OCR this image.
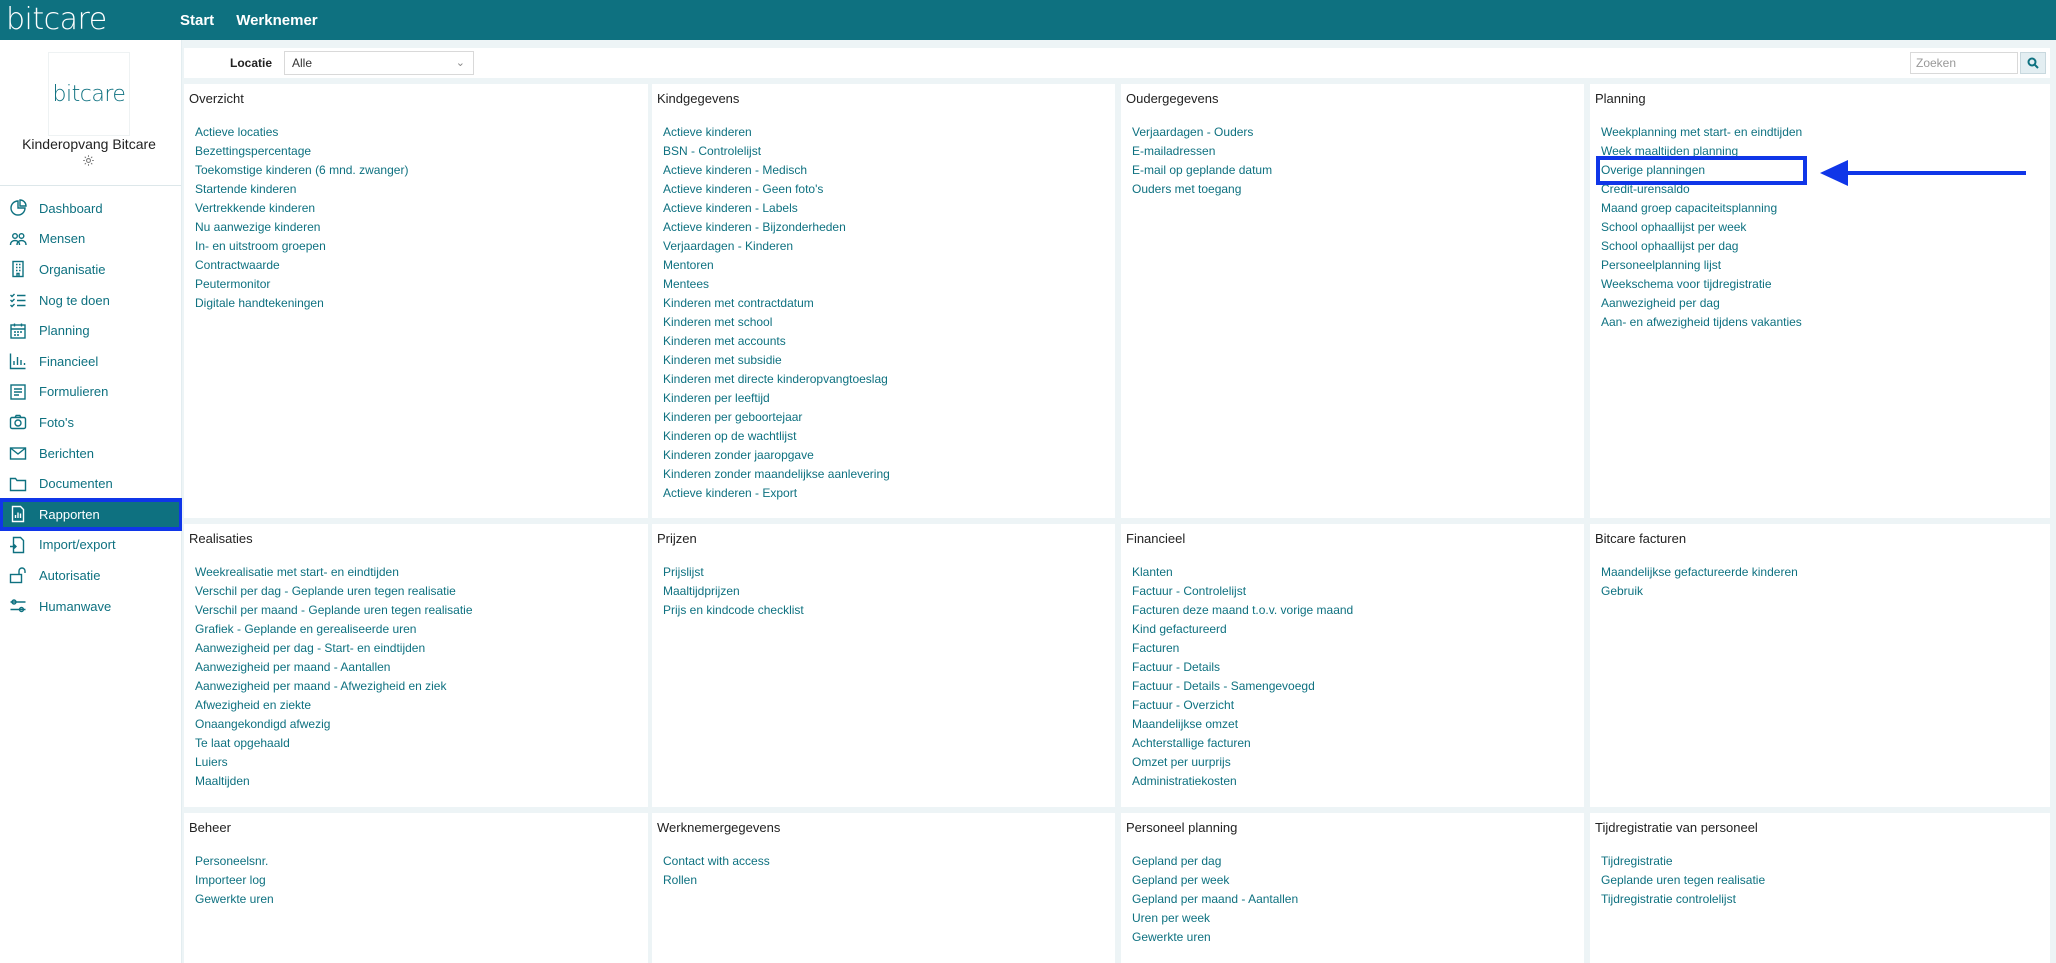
bitcare	Start Werknemer
bitcare
Kinderopvang Bitcare
Dashboard
Mensen
Organisatie
Nog te doen
Planning
Financieel
Formulieren
Foto's
Berichten
Documenten
Rapporten
Import/export
Autorisatie
Humanwave
Locatie	Alle	⌄	Zoeken
Overzicht
Actieve locaties
Bezettingspercentage
Toekomstige kinderen (6 mnd. zwanger)
Startende kinderen
Vertrekkende kinderen
Nu aanwezige kinderen
In- en uitstroom groepen
Contractwaarde
Peutermonitor
Digitale handtekeningen
Kindgegevens
Actieve kinderen
BSN - Controlelijst
Actieve kinderen - Medisch
Actieve kinderen - Geen foto's
Actieve kinderen - Labels
Actieve kinderen - Bijzonderheden
Verjaardagen - Kinderen
Mentoren
Mentees
Kinderen met contractdatum
Kinderen met school
Kinderen met accounts
Kinderen met subsidie
Kinderen met directe kinderopvangtoeslag
Kinderen per leeftijd
Kinderen per geboortejaar
Kinderen op de wachtlijst
Kinderen zonder jaaropgave
Kinderen zonder maandelijkse aanlevering
Actieve kinderen - Export
Oudergegevens
Verjaardagen - Ouders
E-mailadressen
E-mail op geplande datum
Ouders met toegang
Planning
Weekplanning met start- en eindtijden
Week maaltijden planning
Overige planningen
Credit-urensaldo
Maand groep capaciteitsplanning
School ophaallijst per week
School ophaallijst per dag
Personeelplanning lijst
Weekschema voor tijdregistratie
Aanwezigheid per dag
Aan- en afwezigheid tijdens vakanties
Realisaties
Weekrealisatie met start- en eindtijden
Verschil per dag - Geplande uren tegen realisatie
Verschil per maand - Geplande uren tegen realisatie
Grafiek - Geplande en gerealiseerde uren
Aanwezigheid per dag - Start- en eindtijden
Aanwezigheid per maand - Aantallen
Aanwezigheid per maand - Afwezigheid en ziek
Afwezigheid en ziekte
Onaangekondigd afwezig
Te laat opgehaald
Luiers
Maaltijden
Prijzen
Prijslijst
Maaltijdprijzen
Prijs en kindcode checklist
Financieel
Klanten
Factuur - Controlelijst
Facturen deze maand t.o.v. vorige maand
Kind gefactureerd
Facturen
Factuur - Details
Factuur - Details - Samengevoegd
Factuur - Overzicht
Maandelijkse omzet
Achterstallige facturen
Omzet per uurprijs
Administratiekosten
Bitcare facturen
Maandelijkse gefactureerde kinderen
Gebruik
Beheer
Personeelsnr.
Importeer log
Gewerkte uren
Werknemergegevens
Contact with access
Rollen
Personeel planning
Gepland per dag
Gepland per week
Gepland per maand - Aantallen
Uren per week
Gewerkte uren
Tijdregistratie van personeel
Tijdregistratie
Geplande uren tegen realisatie
Tijdregistratie controlelijst
